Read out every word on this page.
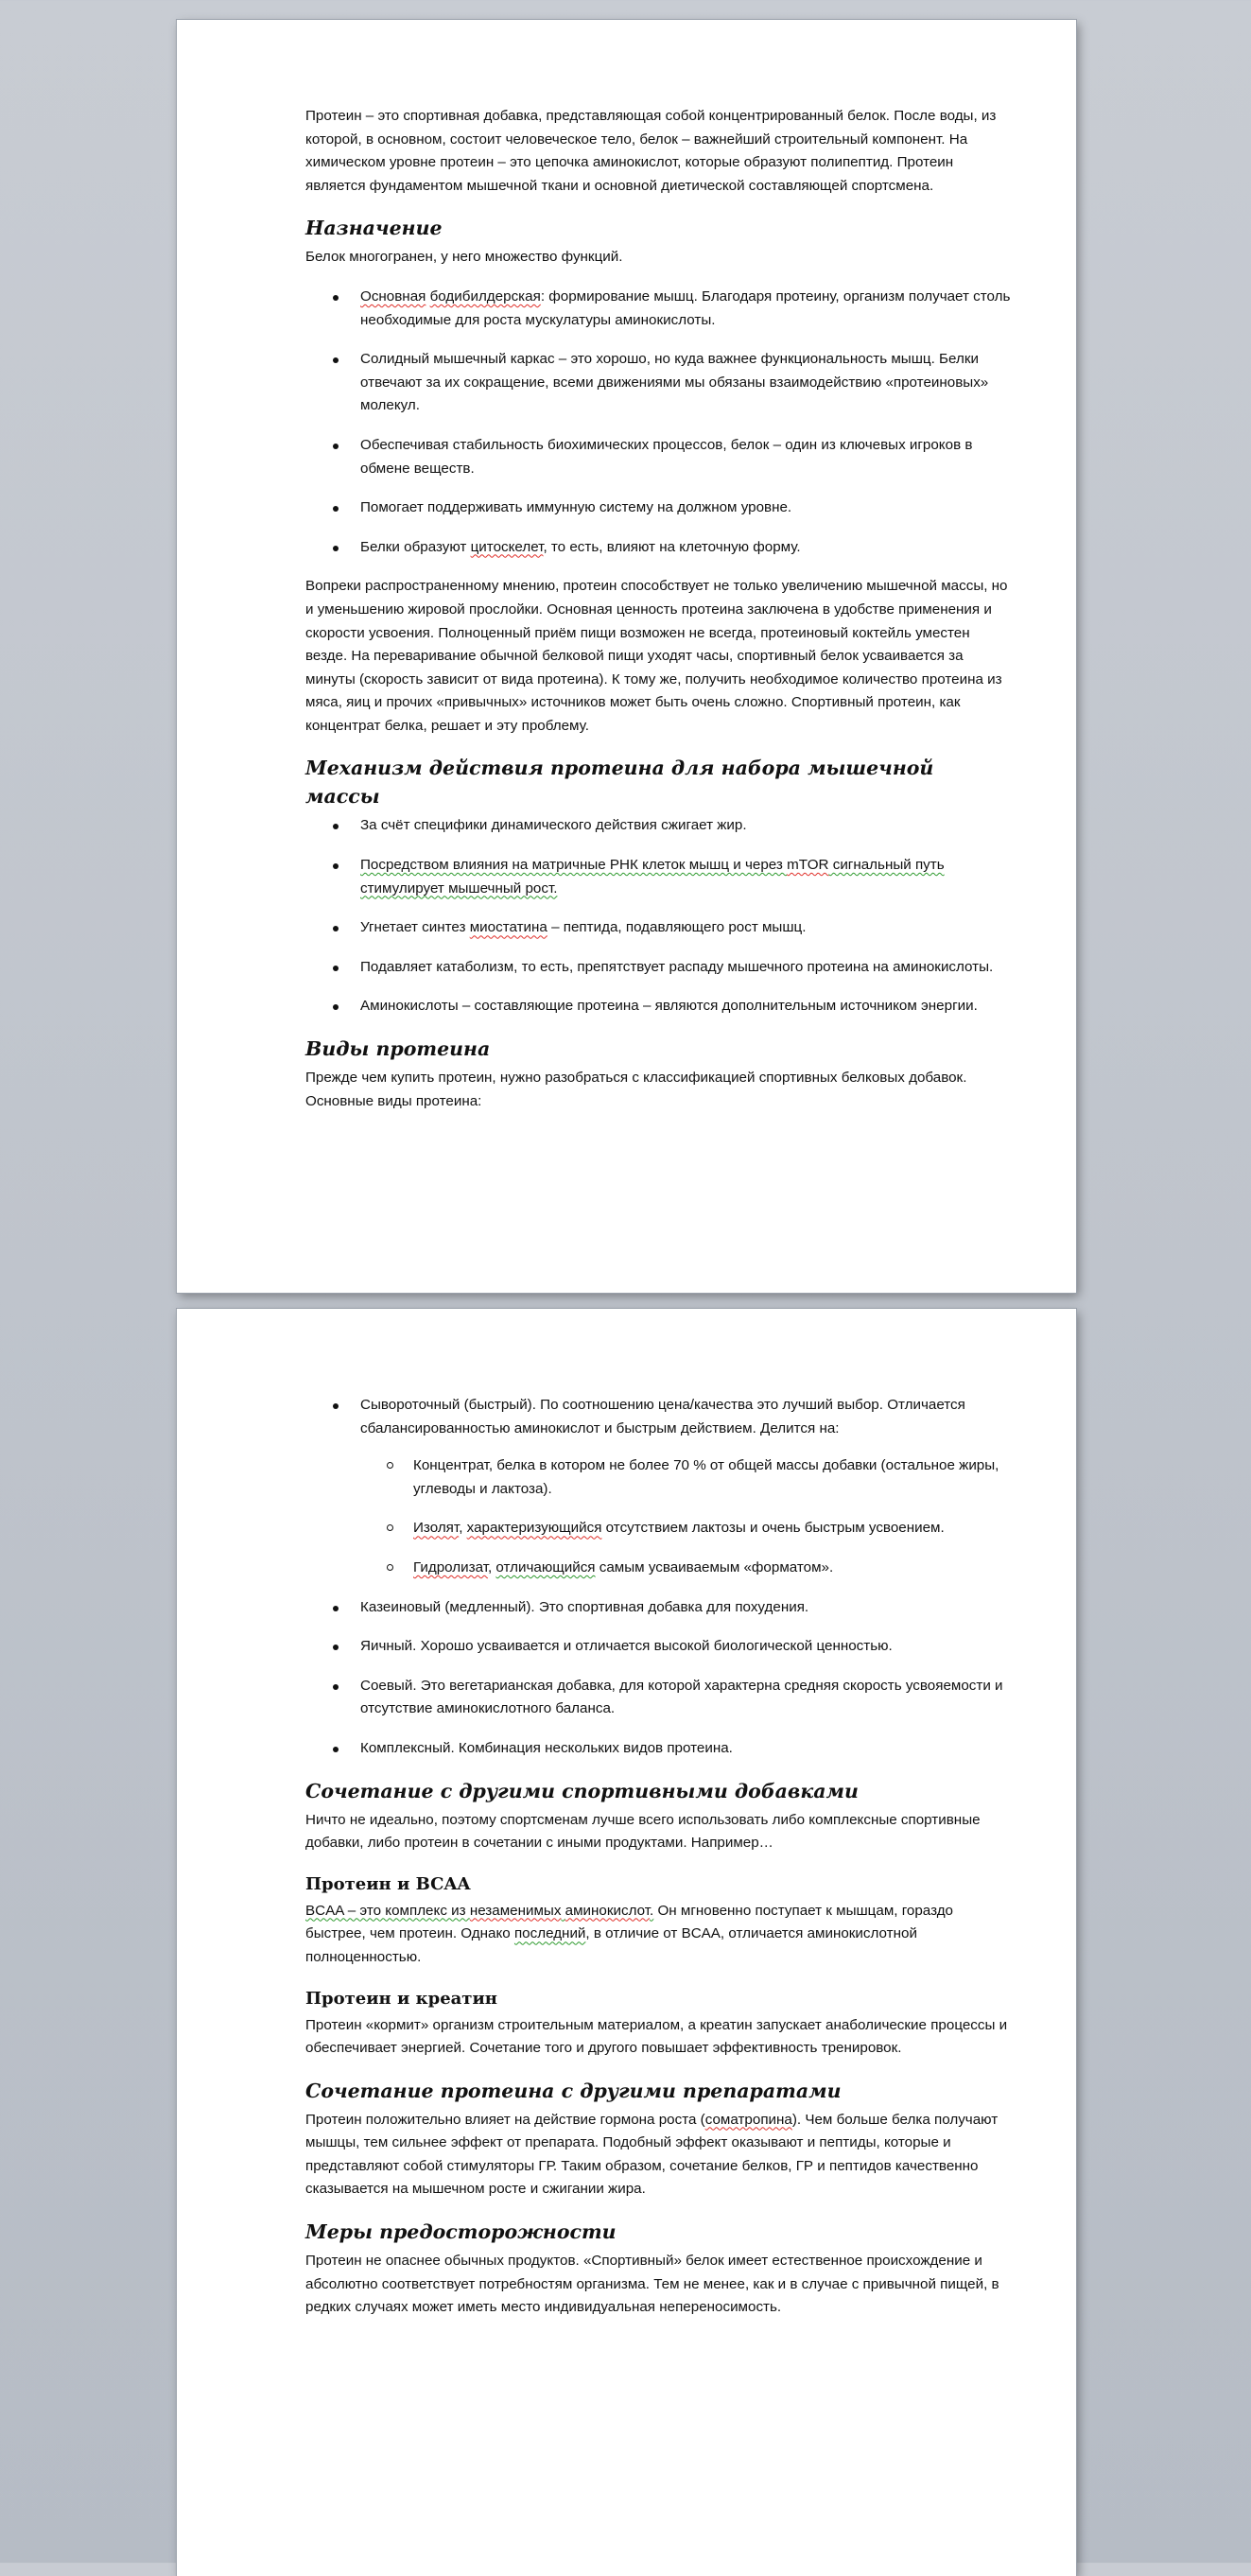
Протеин – это спортивная добавка, представляющая собой концентрированный белок. После воды, из которой, в основном, состоит человеческое тело, белок – важнейший строительный компонент. На химическом уровне протеин – это цепочка аминокислот, которые образуют полипептид. Протеин является фундаментом мышечной ткани и основной диетической составляющей спортсмена.

Назначение

Белок многогранен, у него множество функций.

Основная бодибилдерская: формирование мышц. Благодаря протеину, организм получает столь необходимые для роста мускулатуры аминокислоты.
Солидный мышечный каркас – это хорошо, но куда важнее функциональность мышц. Белки отвечают за их сокращение, всеми движениями мы обязаны взаимодействию «протеиновых» молекул.
Обеспечивая стабильность биохимических процессов, белок – один из ключевых игроков в обмене веществ.
Помогает поддерживать иммунную систему на должном уровне.
Белки образуют цитоскелет, то есть, влияют на клеточную форму.

Вопреки распространенному мнению, протеин способствует не только увеличению мышечной массы, но и уменьшению жировой прослойки. Основная ценность протеина заключена в удобстве применения и скорости усвоения. Полноценный приём пищи возможен не всегда, протеиновый коктейль уместен везде. На переваривание обычной белковой пищи уходят часы, спортивный белок усваивается за минуты (скорость зависит от вида протеина). К тому же, получить необходимое количество протеина из мяса, яиц и прочих «привычных» источников может быть очень сложно. Спортивный протеин, как концентрат белка, решает и эту проблему.

Механизм действия протеина для набора мышечной массы
За счёт специфики динамического действия сжигает жир.
Посредством влияния на матричные РНК клеток мышц и через mTOR сигнальный путь стимулирует мышечный рост.
Угнетает синтез миостатина – пептида, подавляющего рост мышц.
Подавляет катаболизм, то есть, препятствует распаду мышечного протеина на аминокислоты.
Аминокислоты – составляющие протеина – являются дополнительным источником энергии.
Виды протеина

Прежде чем купить протеин, нужно разобраться с классификацией спортивных белковых добавок. Основные виды протеина:

Сывороточный (быстрый). По соотношению цена/качества это лучший выбор. Отличается сбалансированностью аминокислот и быстрым действием. Делится на:
Концентрат, белка в котором не более 70 % от общей массы добавки (остальное жиры, углеводы и лактоза).
Изолят, характеризующийся отсутствием лактозы и очень быстрым усвоением.
Гидролизат, отличающийся самым усваиваемым «форматом».
Казеиновый (медленный). Это спортивная добавка для похудения.
Яичный. Хорошо усваивается и отличается высокой биологической ценностью.
Соевый. Это вегетарианская добавка, для которой характерна средняя скорость усвояемости и отсутствие аминокислотного баланса.
Комплексный. Комбинация нескольких видов протеина.
Сочетание с другими спортивными добавками

Ничто не идеально, поэтому спортсменам лучше всего использовать либо комплексные спортивные добавки, либо протеин в сочетании с иными продуктами. Например…

Протеин и BCAA

BCAA – это комплекс из незаменимых аминокислот. Он мгновенно поступает к мышцам, гораздо быстрее, чем протеин. Однако последний, в отличие от BCAA, отличается аминокислотной полноценностью.

Протеин и креатин

Протеин «кормит» организм строительным материалом, а креатин запускает анаболические процессы и обеспечивает энергией. Сочетание того и другого повышает эффективность тренировок.

Сочетание протеина с другими препаратами

Протеин положительно влияет на действие гормона роста (соматропина). Чем больше белка получают мышцы, тем сильнее эффект от препарата. Подобный эффект оказывают и пептиды, которые и представляют собой стимуляторы ГР. Таким образом, сочетание белков, ГР и пептидов качественно сказывается на мышечном росте и сжигании жира.

Меры предосторожности

Протеин не опаснее обычных продуктов. «Спортивный» белок имеет естественное происхождение и абсолютно соответствует потребностям организма. Тем не менее, как и в случае с привычной пищей, в редких случаях может иметь место индивидуальная непереносимость.
